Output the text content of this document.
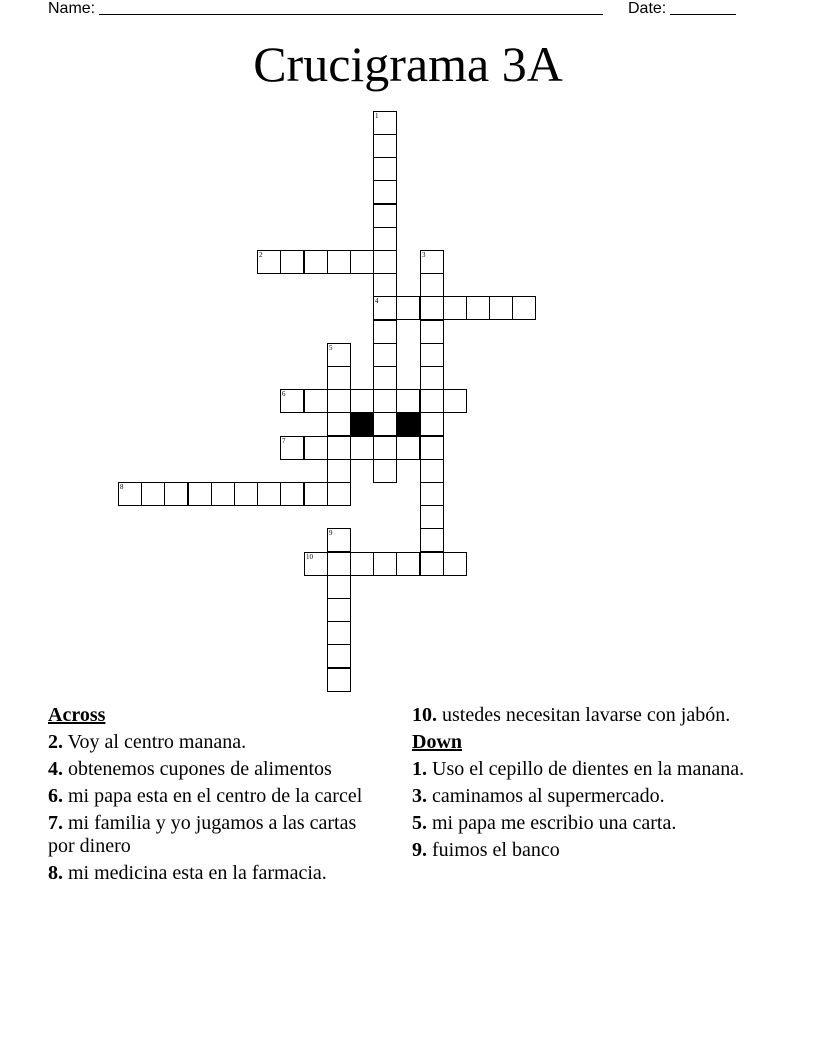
Name:	Date:
Crucigrama 3A
1
2	3
4
5
6
7
8
9
10
Across
2. Voy al centro manana.
4. obtenemos cupones de alimentos
6. mi papa esta en el centro de la carcel
7. mi familia y yo jugamos a las cartas por dinero
8. mi medicina esta en la farmacia.
10. ustedes necesitan lavarse con jabón.
Down
1. Uso el cepillo de dientes en la manana.
3. caminamos al supermercado.
5. mi papa me escribio una carta.
9. fuimos el banco
